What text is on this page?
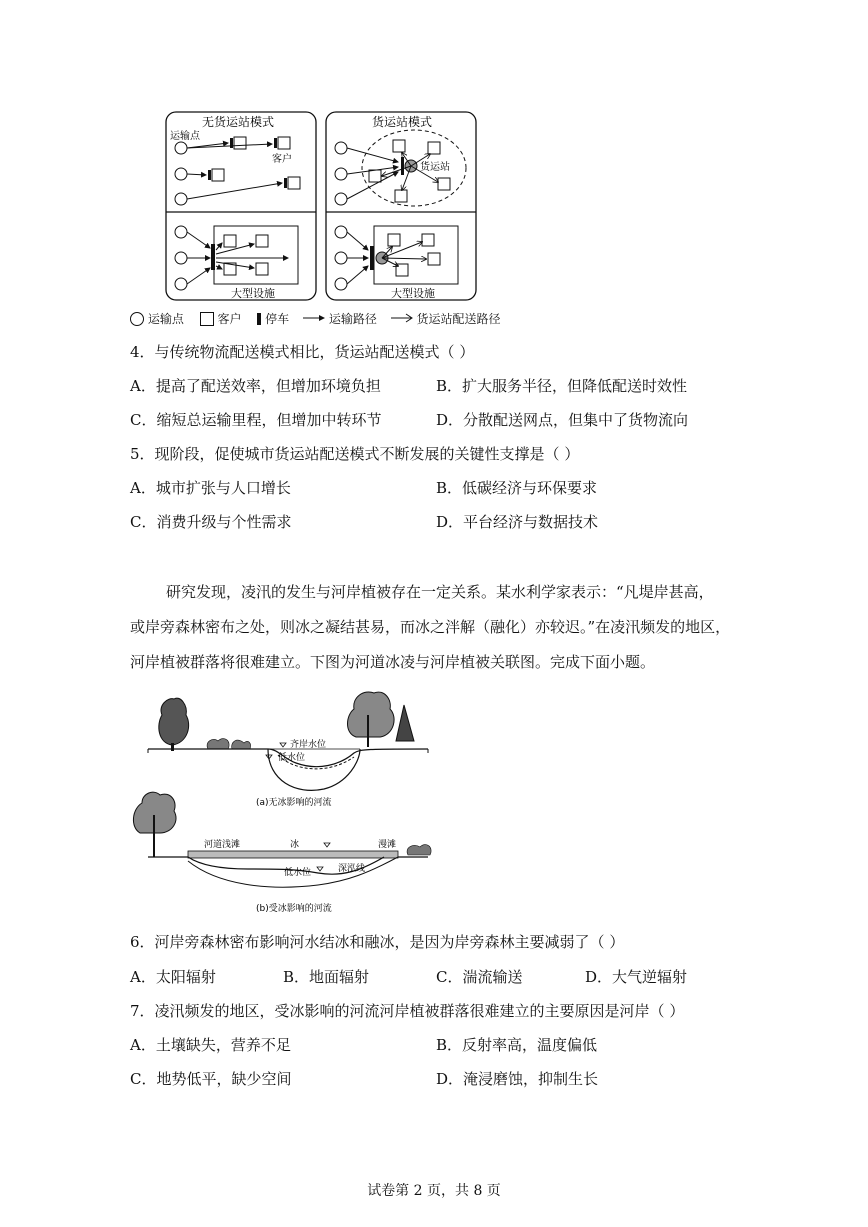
无货运站模式	货运站模式
运输点
客户
货运站
大型设施	大型设施
运输点	客户 停车	运输路径	货运站配送路径
4．与传统物流配送模式相比，货运站配送模式（ ）
A．提高了配送效率，但增加环境负担	B．扩大服务半径，但降低配送时效性
C．缩短总运输里程，但增加中转环节	D．分散配送网点，但集中了货物流向
5．现阶段，促使城市货运站配送模式不断发展的关键性支撑是（ ）
A．城市扩张与人口增长	B．低碳经济与环保要求
C．消费升级与个性需求	D．平台经济与数据技术
研究发现，凌汛的发生与河岸植被存在一定关系。某水利学家表示：“凡堤岸甚高，
或岸旁森林密布之处，则冰之凝结甚易，而冰之泮解（融化）亦较迟。”在凌汛频发的地区，
河岸植被群落将很难建立。下图为河道冰凌与河岸植被关联图。完成下面小题。
齐岸水位
低水位
(a)无冰影响的河流
河道浅滩	冰	漫滩
低水位	深泓线
(b)受冰影响的河流
6．河岸旁森林密布影响河水结冰和融冰，是因为岸旁森林主要减弱了（ ）
A．太阳辐射	B．地面辐射	C．湍流输送	D．大气逆辐射
7．凌汛频发的地区，受冰影响的河流河岸植被群落很难建立的主要原因是河岸（ ）
A．土壤缺失，营养不足	B．反射率高，温度偏低
C．地势低平，缺少空间	D．淹浸磨蚀，抑制生长
试卷第 2 页，共 8 页
